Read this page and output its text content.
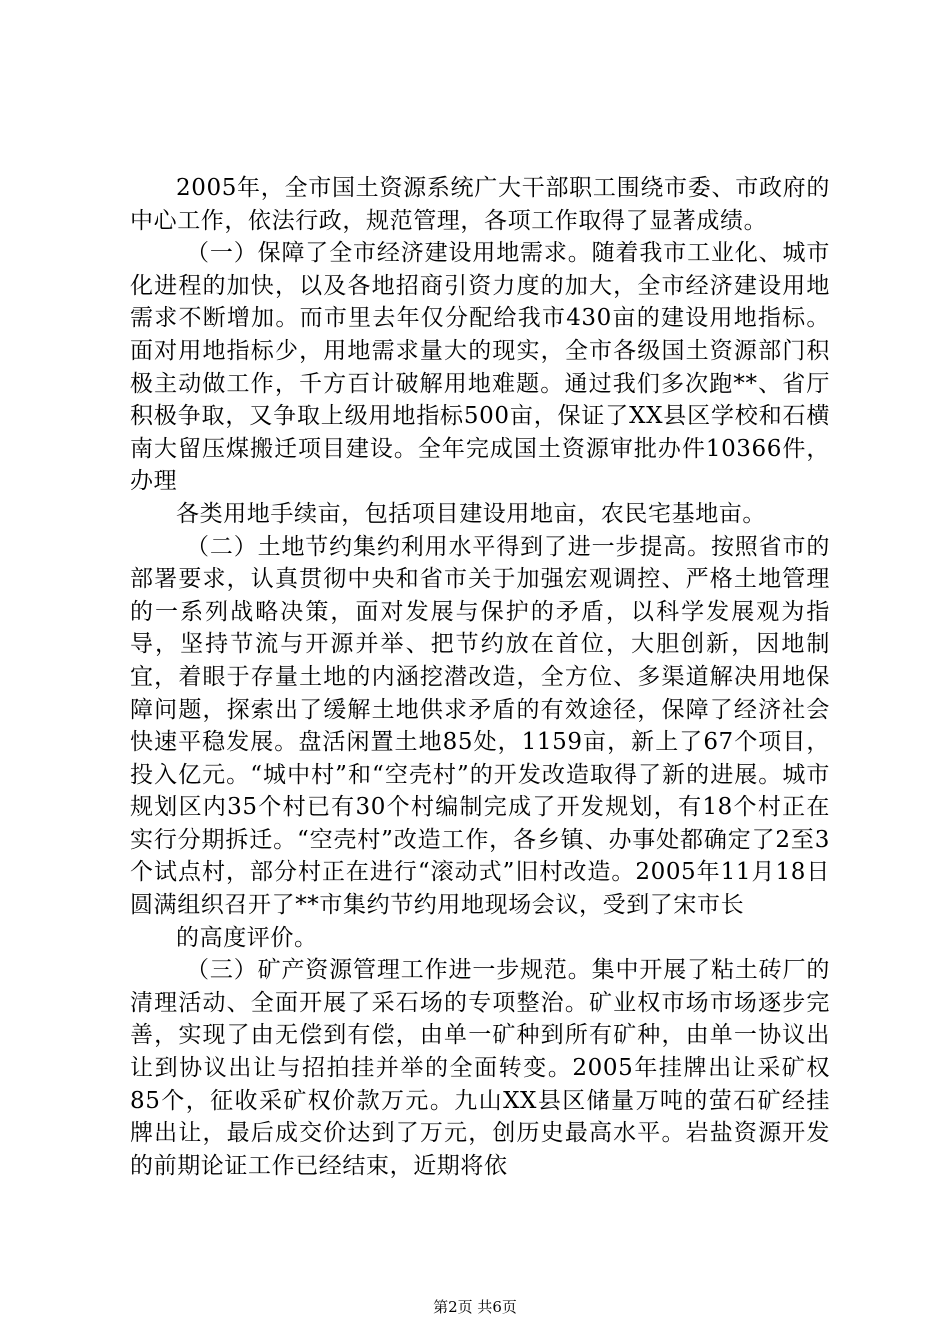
2005年，全市国土资源系统广大干部职工围绕市委、市政府的中心工作，依法行政，规范管理，各项工作取得了显著成绩。

（一）保障了全市经济建设用地需求。随着我市工业化、城市化进程的加快，以及各地招商引资力度的加大，全市经济建设用地需求不断增加。而市里去年仅分配给我市430亩的建设用地指标。面对用地指标少，用地需求量大的现实，全市各级国土资源部门积极主动做工作，千方百计破解用地难题。通过我们多次跑**、省厅积极争取，又争取上级用地指标500亩，保证了XX县区学校和石横南大留压煤搬迁项目建设。全年完成国土资源审批办件10366件，办理

各类用地手续亩，包括项目建设用地亩，农民宅基地亩。

（二）土地节约集约利用水平得到了进一步提高。按照省市的部署要求，认真贯彻中央和省市关于加强宏观调控、严格土地管理的一系列战略决策，面对发展与保护的矛盾，以科学发展观为指导，坚持节流与开源并举、把节约放在首位，大胆创新，因地制宜，着眼于存量土地的内涵挖潜改造，全方位、多渠道解决用地保障问题，探索出了缓解土地供求矛盾的有效途径，保障了经济社会快速平稳发展。盘活闲置土地85处，1159亩，新上了67个项目，投入亿元。“城中村”和“空壳村”的开发改造取得了新的进展。城市规划区内35个村已有30个村编制完成了开发规划，有18个村正在实行分期拆迁。“空壳村”改造工作，各乡镇、办事处都确定了2至3个试点村，部分村正在进行“滚动式”旧村改造。2005年11月18日圆满组织召开了**市集约节约用地现场会议，受到了宋市长

的高度评价。

（三）矿产资源管理工作进一步规范。集中开展了粘土砖厂的清理活动、全面开展了采石场的专项整治。矿业权市场市场逐步完善，实现了由无偿到有偿，由单一矿种到所有矿种，由单一协议出让到协议出让与招拍挂并举的全面转变。2005年挂牌出让采矿权85个，征收采矿权价款万元。九山XX县区储量万吨的萤石矿经挂牌出让，最后成交价达到了万元，创历史最高水平。岩盐资源开发的前期论证工作已经结束，近期将依

第2页 共6页
